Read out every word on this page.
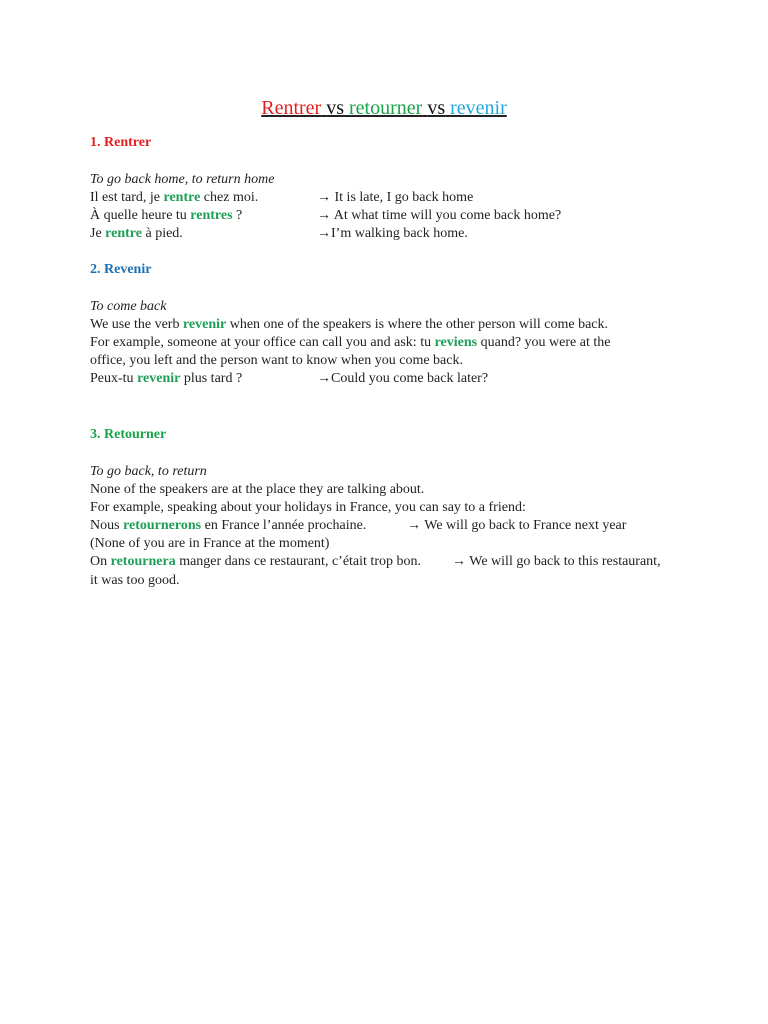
Rentrer vs retourner vs revenir
1. Rentrer
To go back home, to return home
Il est tard, je rentre chez moi.	→ It is late, I go back home
À quelle heure tu rentres ?	→ At what time will you come back home?
Je rentre à pied.	→I’m walking back home.
2. Revenir
To come back
We use the verb revenir when one of the speakers is where the other person will come back.
For example, someone at your office can call you and ask: tu reviens quand? you were at the
office, you left and the person want to know when you come back.
Peux-tu revenir plus tard ?	→Could you come back later?
3. Retourner
To go back, to return
None of the speakers are at the place they are talking about.
For example, speaking about your holidays in France, you can say to a friend:
Nous retournerons en France l’année prochaine.	→ We will go back to France next year
(None of you are in France at the moment)
On retournera manger dans ce restaurant, c’était trop bon. → We will go back to this restaurant,
it was too good.
